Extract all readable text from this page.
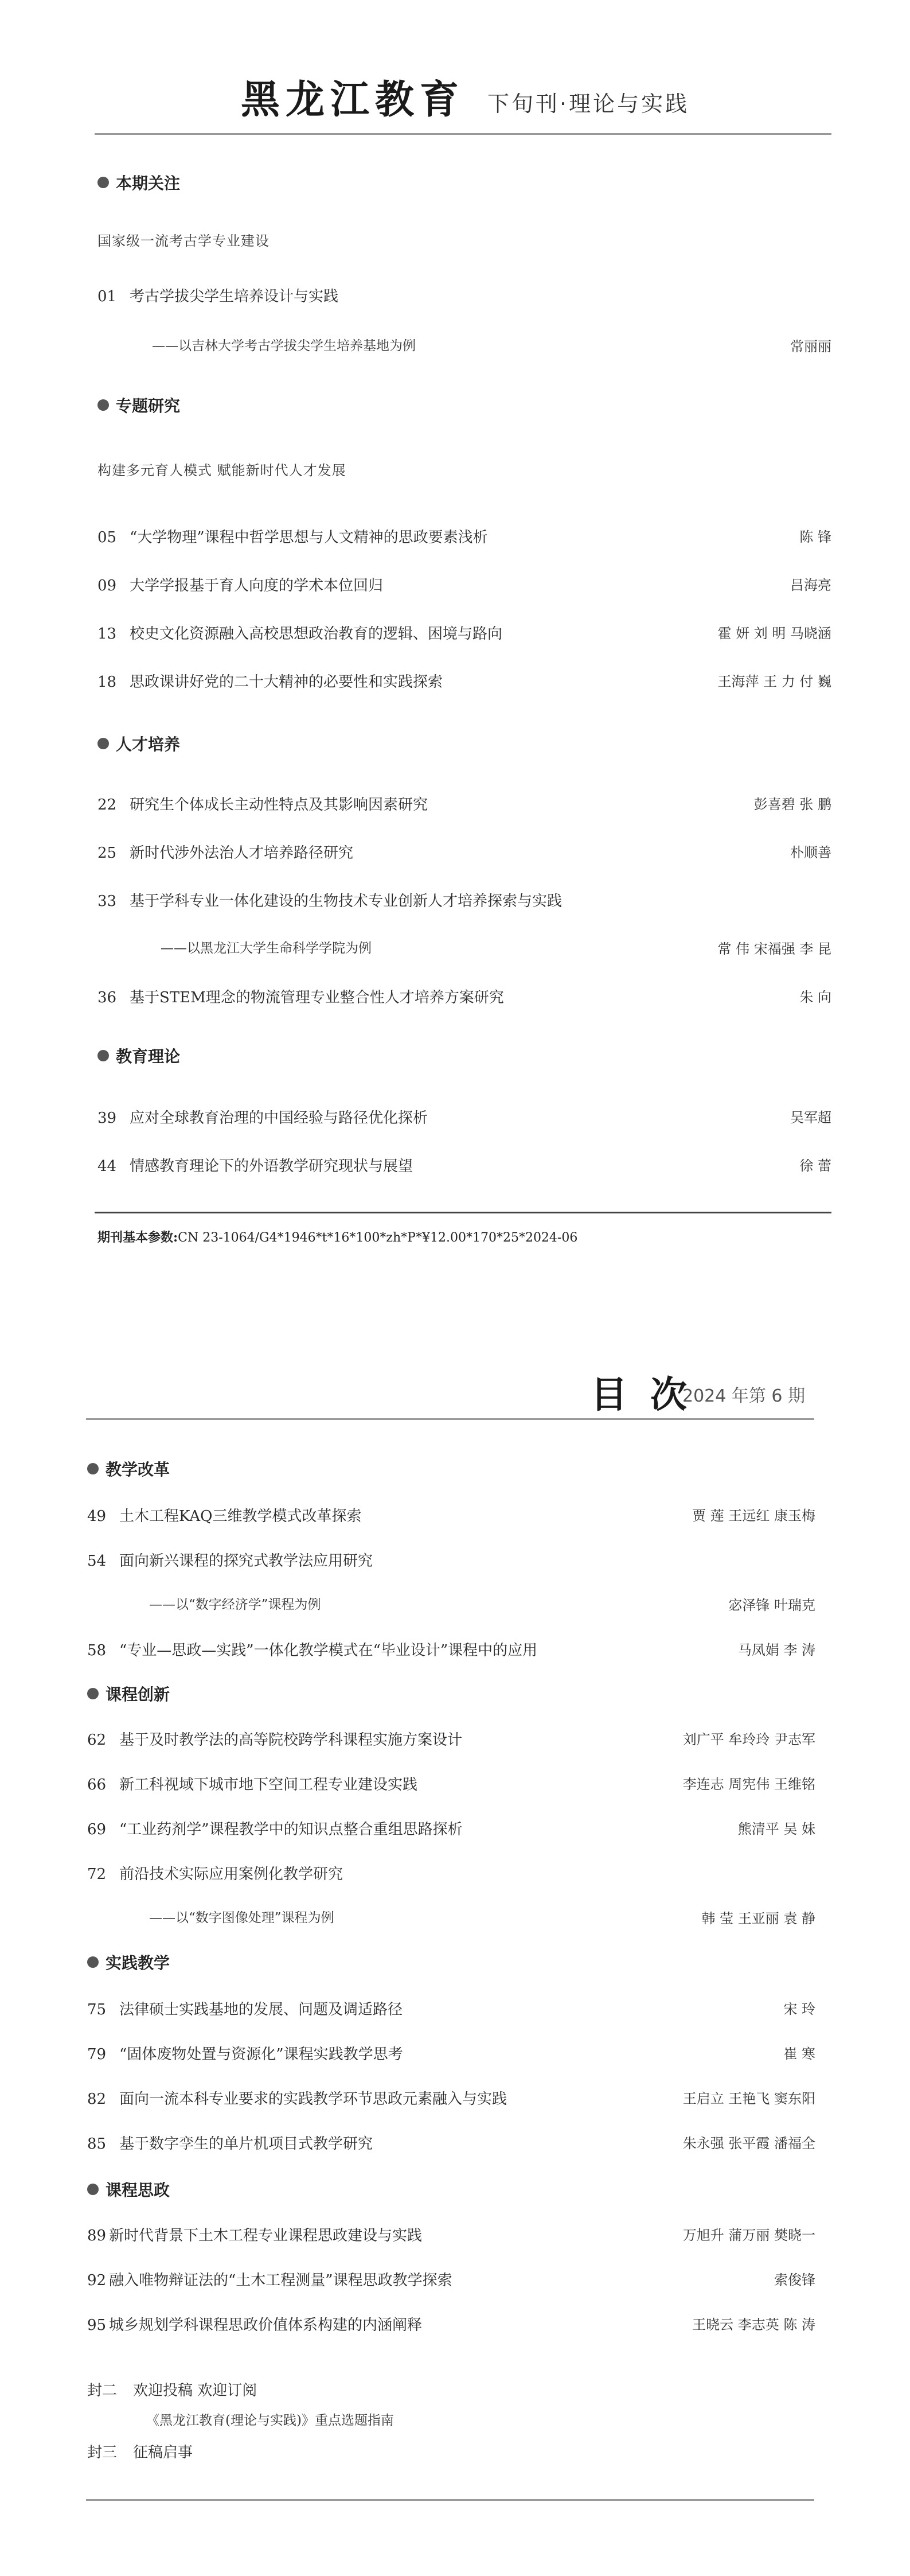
黑龙江教育 下旬刊·理论与实践
本期关注
国家级一流考古学专业建设
01 考古学拔尖学生培养设计与实践
——以吉林大学考古学拔尖学生培养基地为例	常丽丽
专题研究
构建多元育人模式 赋能新时代人才发展
05 “大学物理”课程中哲学思想与人文精神的思政要素浅析	陈 锋
09 大学学报基于育人向度的学术本位回归	吕海亮
13 校史文化资源融入高校思想政治教育的逻辑、困境与路向	霍 妍 刘 明 马晓涵
18 思政课讲好党的二十大精神的必要性和实践探索	王海萍 王 力 付 巍
人才培养
22 研究生个体成长主动性特点及其影响因素研究	彭喜碧 张 鹏
25 新时代涉外法治人才培养路径研究	朴顺善
33 基于学科专业一体化建设的生物技术专业创新人才培养探索与实践
——以黑龙江大学生命科学学院为例	常 伟 宋福强 李 昆
36 基于STEM理念的物流管理专业整合性人才培养方案研究	朱 向
教育理论
39 应对全球教育治理的中国经验与路径优化探析	吴军超
44 情感教育理论下的外语教学研究现状与展望	徐 蕾
期刊基本参数:CN 23-1064/G4*1946*t*16*100*zh*P*¥12.00*170*25*2024-06
目次
2024 年第 6 期
教学改革
49 土木工程KAQ三维教学模式改革探索	贾 莲 王远红 康玉梅
54 面向新兴课程的探究式教学法应用研究
——以“数字经济学”课程为例	宓泽锋 叶瑞克
58 “专业—思政—实践”一体化教学模式在“毕业设计”课程中的应用	马凤娟 李 涛
课程创新
62 基于及时教学法的高等院校跨学科课程实施方案设计	刘广平 牟玲玲 尹志军
66 新工科视域下城市地下空间工程专业建设实践	李连志 周宪伟 王维铭
69 “工业药剂学”课程教学中的知识点整合重组思路探析	熊清平 吴 妹
72 前沿技术实际应用案例化教学研究
——以“数字图像处理”课程为例	韩 莹 王亚丽 袁 静
实践教学
75 法律硕士实践基地的发展、问题及调适路径	宋 玲
79 “固体废物处置与资源化”课程实践教学思考	崔 寒
82 面向一流本科专业要求的实践教学环节思政元素融入与实践	王启立 王艳飞 窦东阳
85 基于数字孪生的单片机项目式教学研究	朱永强 张平霞 潘福全
课程思政
89 新时代背景下土木工程专业课程思政建设与实践	万旭升 蒲万丽 樊晓一
92 融入唯物辩证法的“土木工程测量”课程思政教学探索	索俊锋
95 城乡规划学科课程思政价值体系构建的内涵阐释	王晓云 李志英 陈 涛
封二 欢迎投稿 欢迎订阅
《黑龙江教育(理论与实践)》重点选题指南
封三 征稿启事
